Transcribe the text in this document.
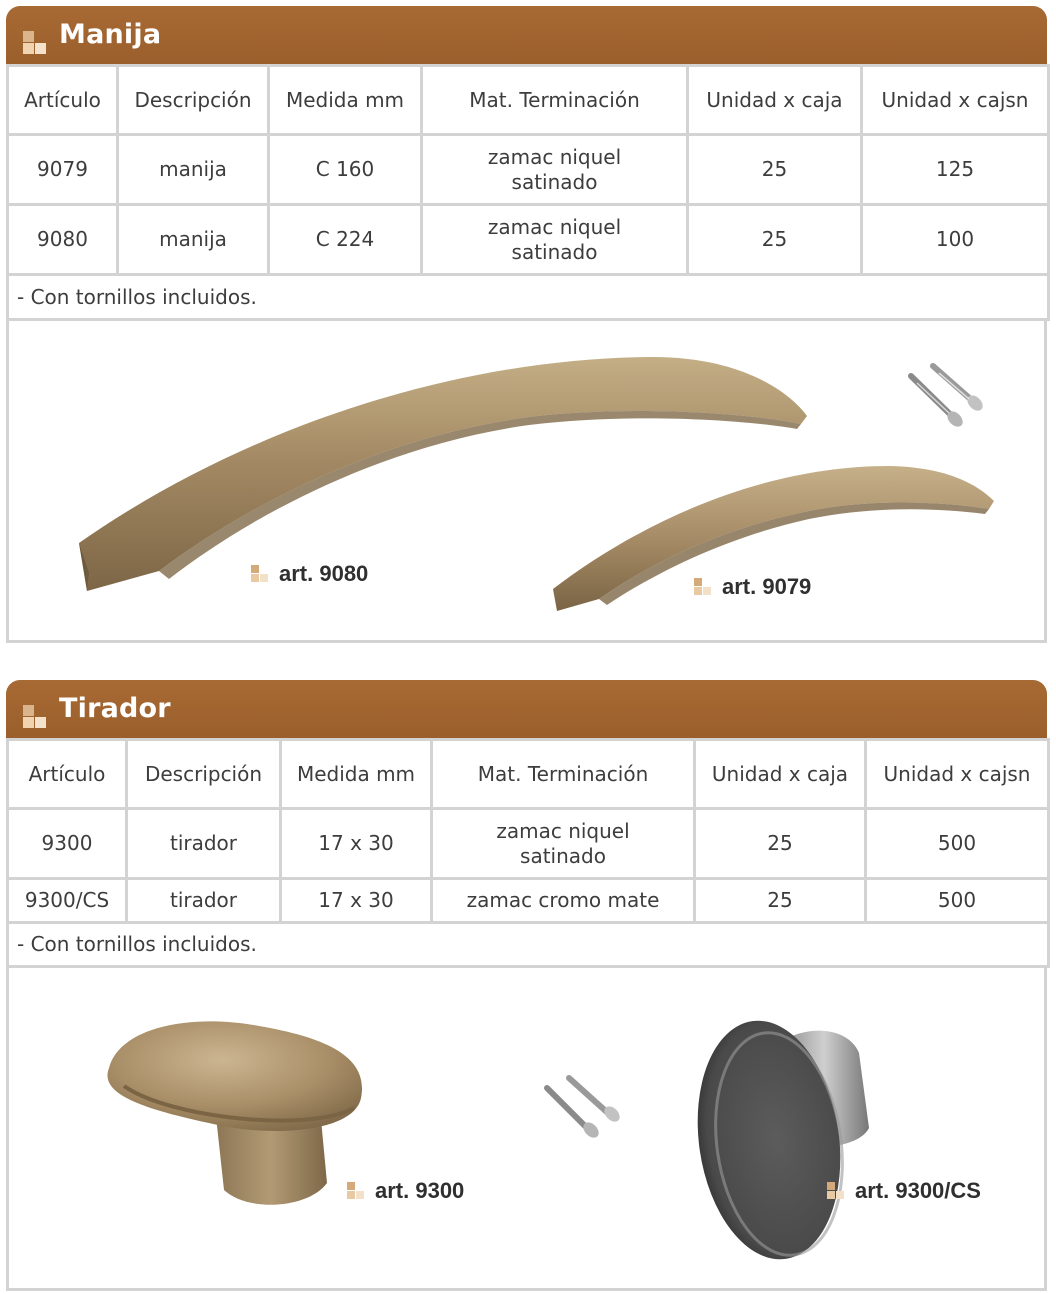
Manija
Artículo	Descripción	Medida mm	Mat. Terminación	Unidad x caja	Unidad x cajsn
9079	manija	C 160	zamac niquel satinado	25	125
9080	manija	C 224	zamac niquel satinado	25	100
- Con tornillos incluidos.					
art. 9080
art. 9079
Tirador
Artículo	Descripción	Medida mm	Mat. Terminación	Unidad x caja	Unidad x cajsn
9300	tirador	17 x 30	zamac niquel satinado	25	500
9300/CS	tirador	17 x 30	zamac cromo mate	25	500
- Con tornillos incluidos.					
art. 9300	art. 9300/CS
